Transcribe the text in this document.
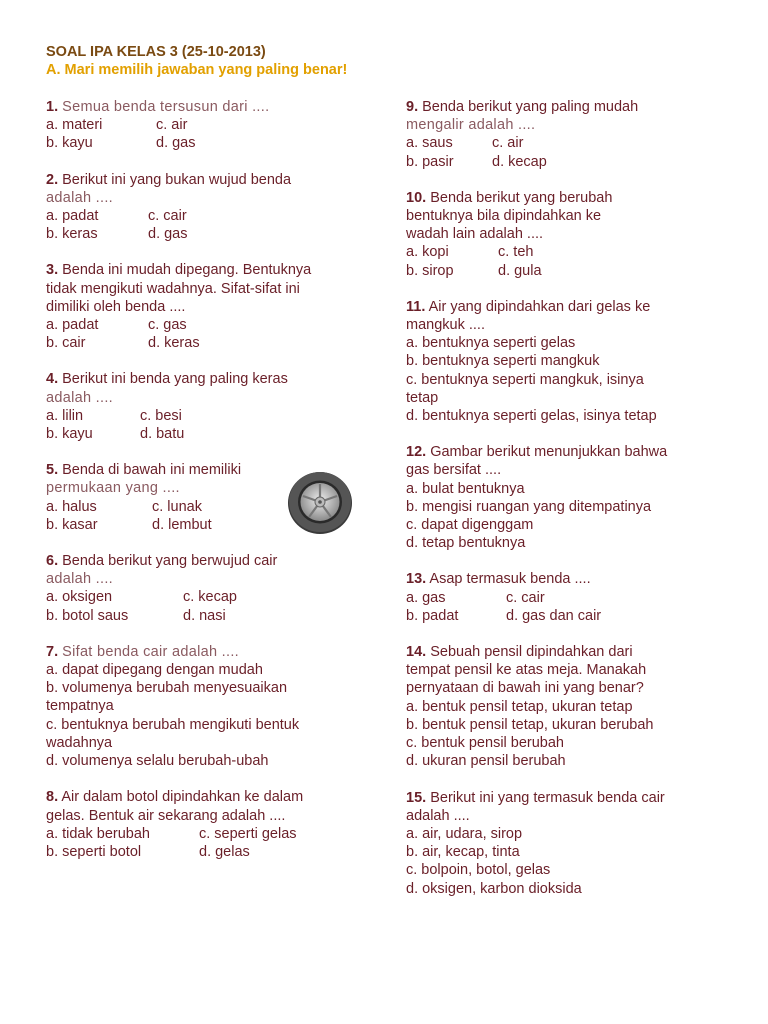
SOAL IPA KELAS 3 (25-10-2013)
A. Mari memilih jawaban yang paling benar!
1. Semua benda tersusun dari ....
a. materi	c. air
b. kayu	d. gas
2. Berikut ini yang bukan wujud benda
adalah ....
a. padat	c. cair
b. keras	d. gas
3. Benda ini mudah dipegang. Bentuknya
tidak mengikuti wadahnya. Sifat-sifat ini
dimiliki oleh benda ....
a. padat	c. gas
b. cair	d. keras
4. Berikut ini benda yang paling keras
adalah ....
a. lilin	c. besi
b. kayu	d. batu
5. Benda di bawah ini memiliki
permukaan yang ....
a. halus	c. lunak
b. kasar	d. lembut
6. Benda berikut yang berwujud cair
adalah ....
a. oksigen	c. kecap
b. botol saus	d. nasi
7. Sifat benda cair adalah ....
a. dapat dipegang dengan mudah
b. volumenya berubah menyesuaikan
tempatnya
c. bentuknya berubah mengikuti bentuk
wadahnya
d. volumenya selalu berubah-ubah
8. Air dalam botol dipindahkan ke dalam
gelas. Bentuk air sekarang adalah ....
a. tidak berubah	c. seperti gelas
b. seperti botol	d. gelas
9. Benda berikut yang paling mudah
mengalir adalah ....
a. saus	c. air
b. pasir	d. kecap
10. Benda berikut yang berubah
bentuknya bila dipindahkan ke
wadah lain adalah ....
a. kopi	c. teh
b. sirop	d. gula
11. Air yang dipindahkan dari gelas ke
mangkuk ....
a. bentuknya seperti gelas
b. bentuknya seperti mangkuk
c. bentuknya seperti mangkuk, isinya
tetap
d. bentuknya seperti gelas, isinya tetap
12. Gambar berikut menunjukkan bahwa
gas bersifat ....
a. bulat bentuknya
b. mengisi ruangan yang ditempatinya
c. dapat digenggam
d. tetap bentuknya
13. Asap termasuk benda ....
a. gas	c. cair
b. padat	d. gas dan cair
14. Sebuah pensil dipindahkan dari
tempat pensil ke atas meja. Manakah
pernyataan di bawah ini yang benar?
a. bentuk pensil tetap, ukuran tetap
b. bentuk pensil tetap, ukuran berubah
c. bentuk pensil berubah
d. ukuran pensil berubah
15. Berikut ini yang termasuk benda cair
adalah ....
a. air, udara, sirop
b. air, kecap, tinta
c. bolpoin, botol, gelas
d. oksigen, karbon dioksida
